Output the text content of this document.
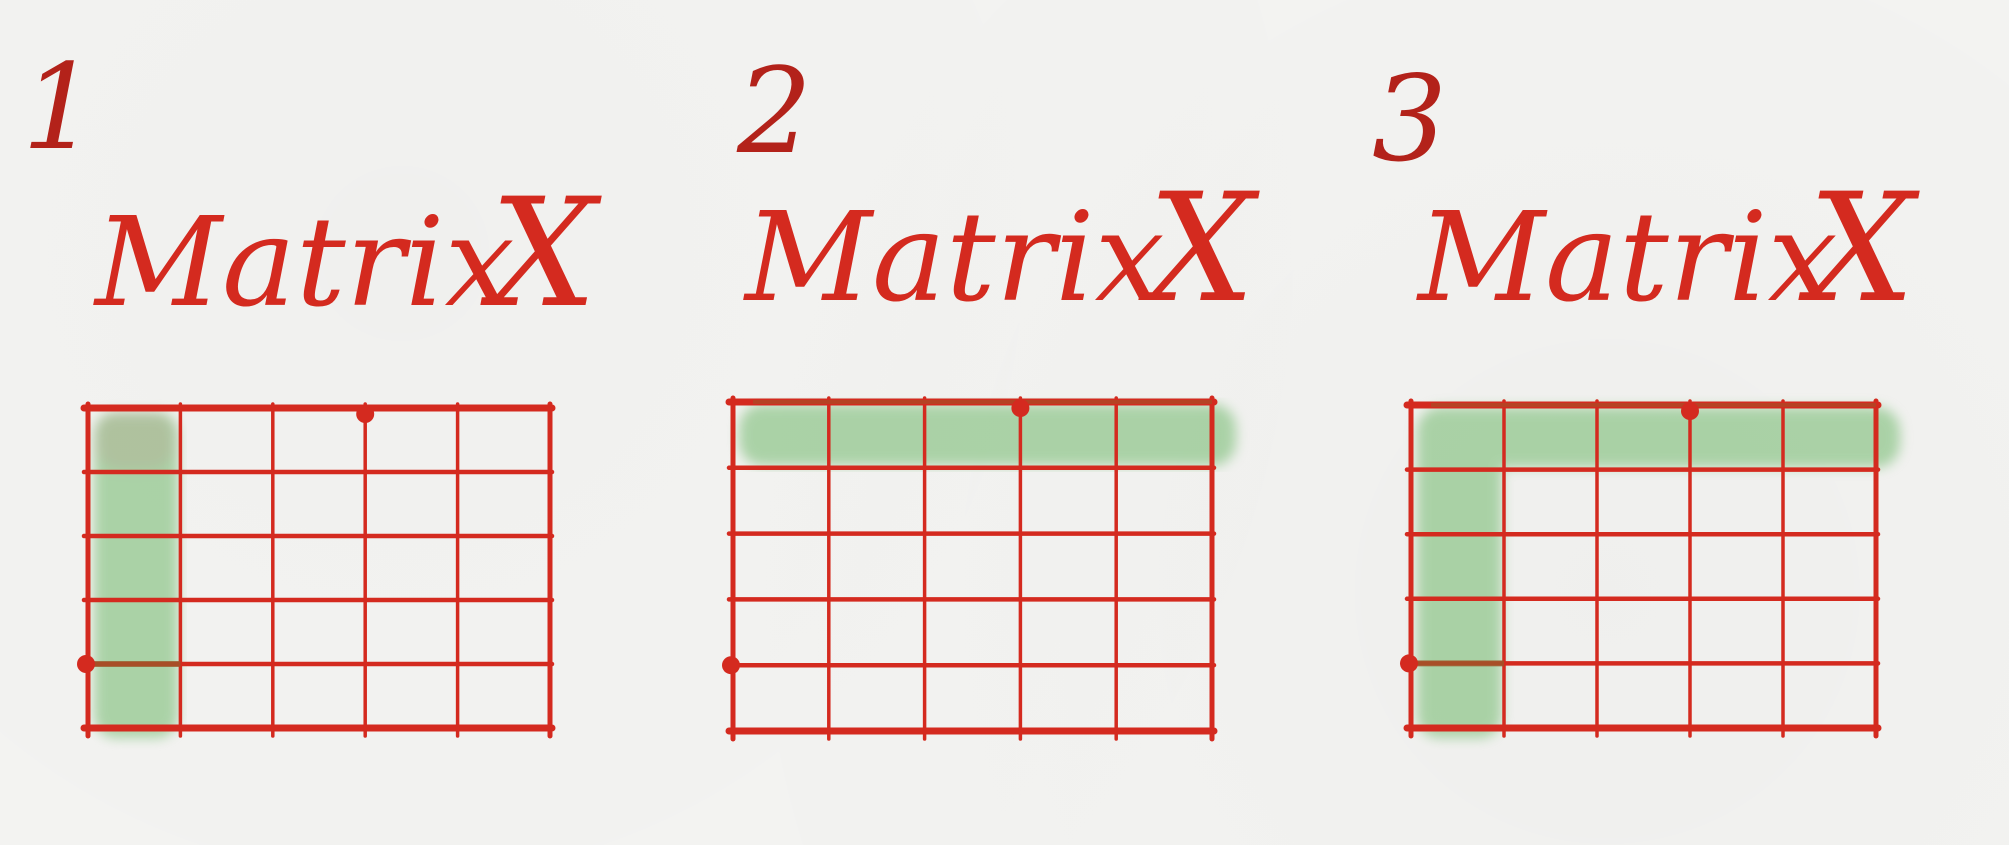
1
Matrix
X
2
Matrix
X
3
Matrix
X
